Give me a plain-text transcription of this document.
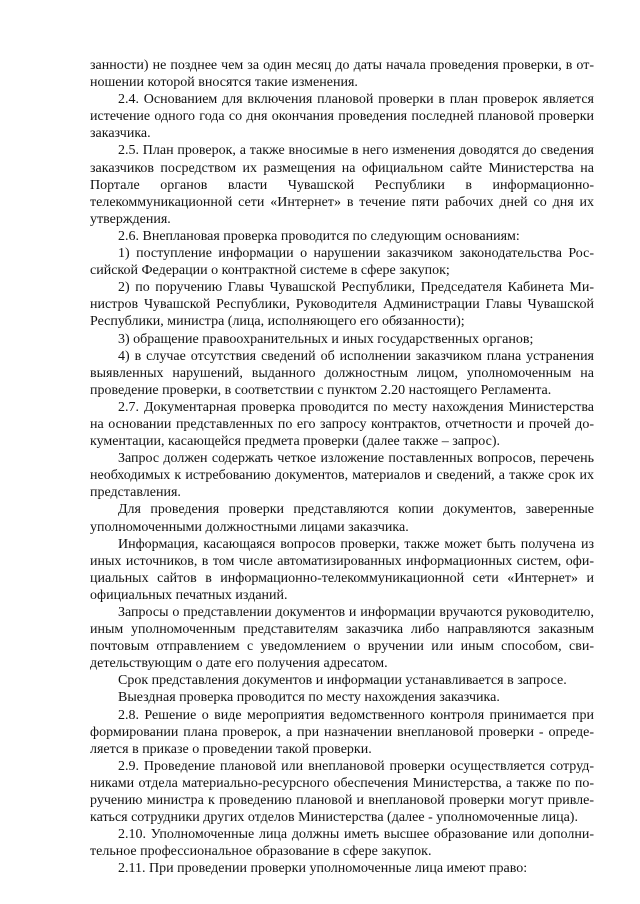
занности) не позднее чем за один месяц до даты начала проведения проверки, в отношении которой вносятся такие изменения.

2.4. Основанием для включения плановой проверки в план проверок является истечение одного года со дня окончания проведения последней плановой проверки заказчика.

2.5. План проверок, а также вносимые в него изменения доводятся до сведения заказчиков посредством их размещения на официальном сайте Министерства на Портале органов власти Чувашской Республики в информационно-телекоммуникационной сети «Интернет» в течение пяти рабочих дней со дня их утверждения.

2.6. Внеплановая проверка проводится по следующим основаниям:

1) поступление информации о нарушении заказчиком законодательства Российской Федерации о контрактной системе в сфере закупок;

2) по поручению Главы Чувашской Республики, Председателя Кабинета Министров Чувашской Республики, Руководителя Администрации Главы Чувашской Республики, министра (лица, исполняющего его обязанности);

3) обращение правоохранительных и иных государственных органов;

4) в случае отсутствия сведений об исполнении заказчиком плана устранения выявленных нарушений, выданного должностным лицом, уполномоченным на проведение проверки, в соответствии с пунктом 2.20 настоящего Регламента.

2.7. Документарная проверка проводится по месту нахождения Министерства на основании представленных по его запросу контрактов, отчетности и прочей документации, касающейся предмета проверки (далее также – запрос).

Запрос должен содержать четкое изложение поставленных вопросов, перечень необходимых к истребованию документов, материалов и сведений, а также срок их представления.

Для проведения проверки представляются копии документов, заверенные уполномоченными должностными лицами заказчика.

Информация, касающаяся вопросов проверки, также может быть получена из иных источников, в том числе автоматизированных информационных систем, официальных сайтов в информационно-телекоммуникационной сети «Интернет» и официальных печатных изданий.

Запросы о представлении документов и информации вручаются руководителю, иным уполномоченным представителям заказчика либо направляются заказным почтовым отправлением с уведомлением о вручении или иным способом, свидетельствующим о дате его получения адресатом.

Срок представления документов и информации устанавливается в запросе.

Выездная проверка проводится по месту нахождения заказчика.

2.8. Решение о виде мероприятия ведомственного контроля принимается при формировании плана проверок, а при назначении внеплановой проверки - определяется в приказе о проведении такой проверки.

2.9. Проведение плановой или внеплановой проверки осуществляется сотрудниками отдела материально-ресурсного обеспечения Министерства, а также по поручению министра к проведению плановой и внеплановой проверки могут привлекаться сотрудники других отделов Министерства (далее - уполномоченные лица).

2.10. Уполномоченные лица должны иметь высшее образование или дополнительное профессиональное образование в сфере закупок.

2.11. При проведении проверки уполномоченные лица имеют право:
